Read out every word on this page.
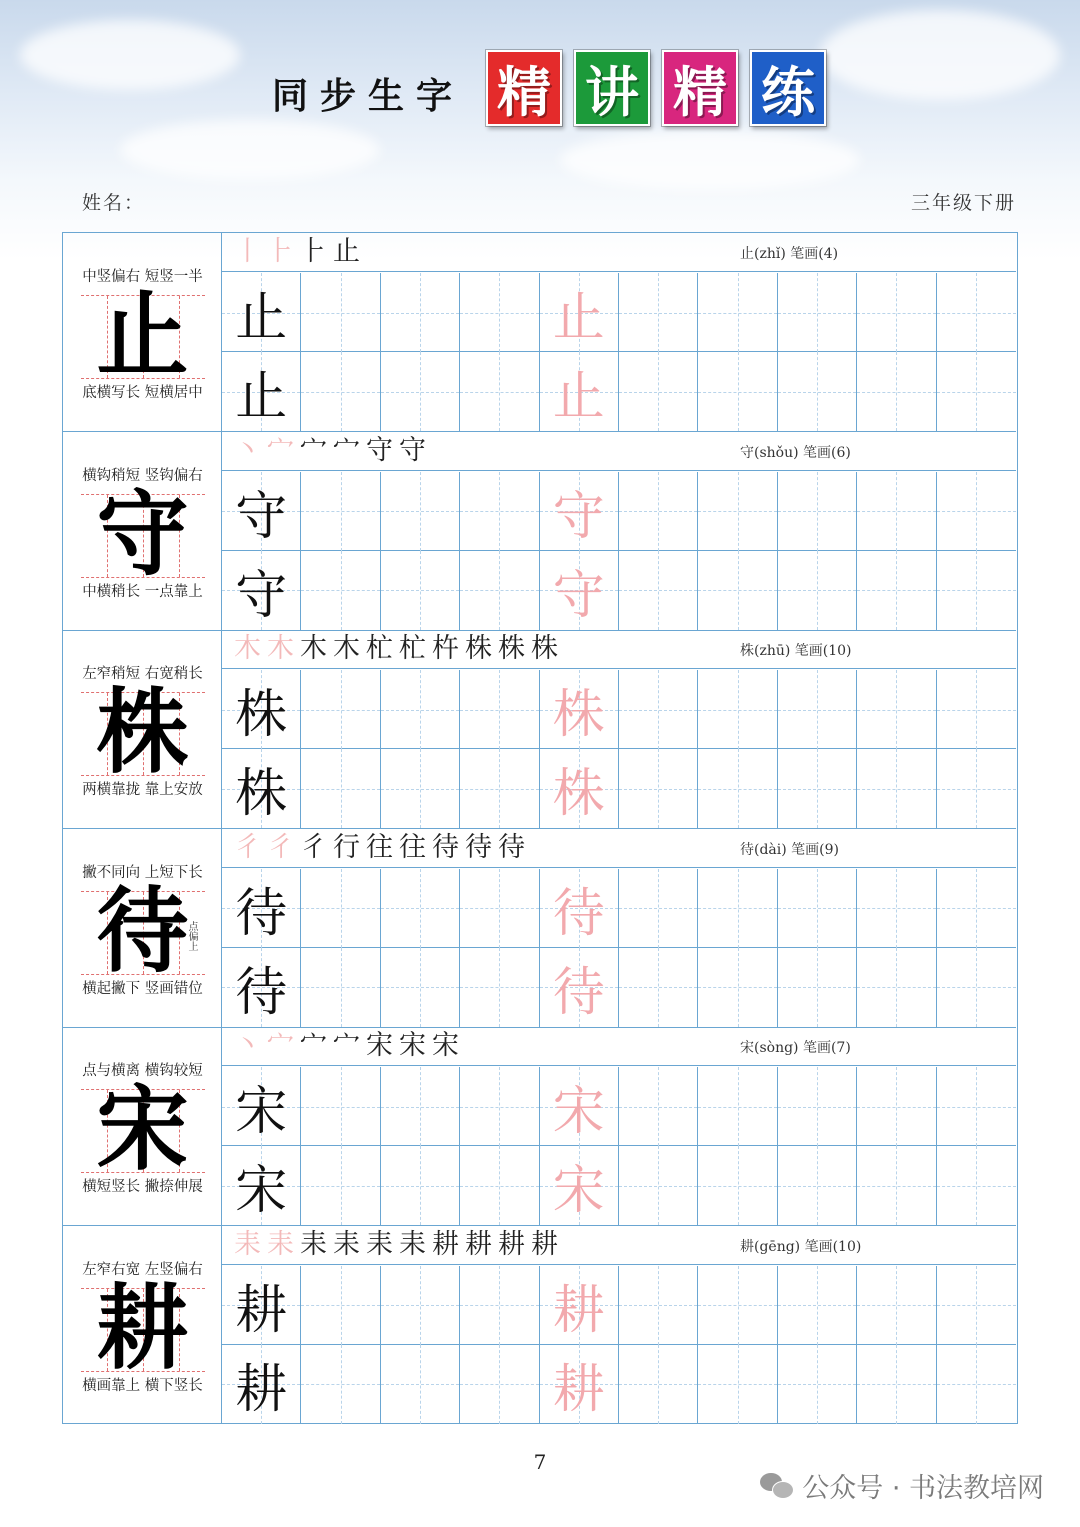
同步生字 精 讲 精 练
姓名：	三年级下册
中竖偏右 短竖一半
止
底横写长 短横居中
丨 ⺊ ⺊ 止	止(zhǐ) 笔画(4)
止	止
止	止
横钩稍短 竖钩偏右
守
中横稍长 一点靠上
丶 宀 宀 宀 守 守	守(shǒu) 笔画(6)
守	守
守	守
左窄稍短 右宽稍长
株
两横靠拢 靠上安放
木 木 木 木 杧 杧 杵 株 株 株	株(zhū) 笔画(10)
株	株
株	株
撇不同向 上短下长
待
点偏上
横起撇下 竖画错位
彳 彳 彳 行 往 往 待 待 待	待(dài) 笔画(9)
待	待
待	待
点与横离 横钩较短
宋
横短竖长 撇捺伸展
丶 宀 宀 宀 宋 宋 宋	宋(sòng) 笔画(7)
宋	宋
宋	宋
左窄右宽 左竖偏右
耕
横画靠上 横下竖长
耒 耒 耒 耒 耒 耒 耕 耕 耕 耕	耕(gēng) 笔画(10)
耕	耕
耕	耕
7
公众号 · 书法教培网
